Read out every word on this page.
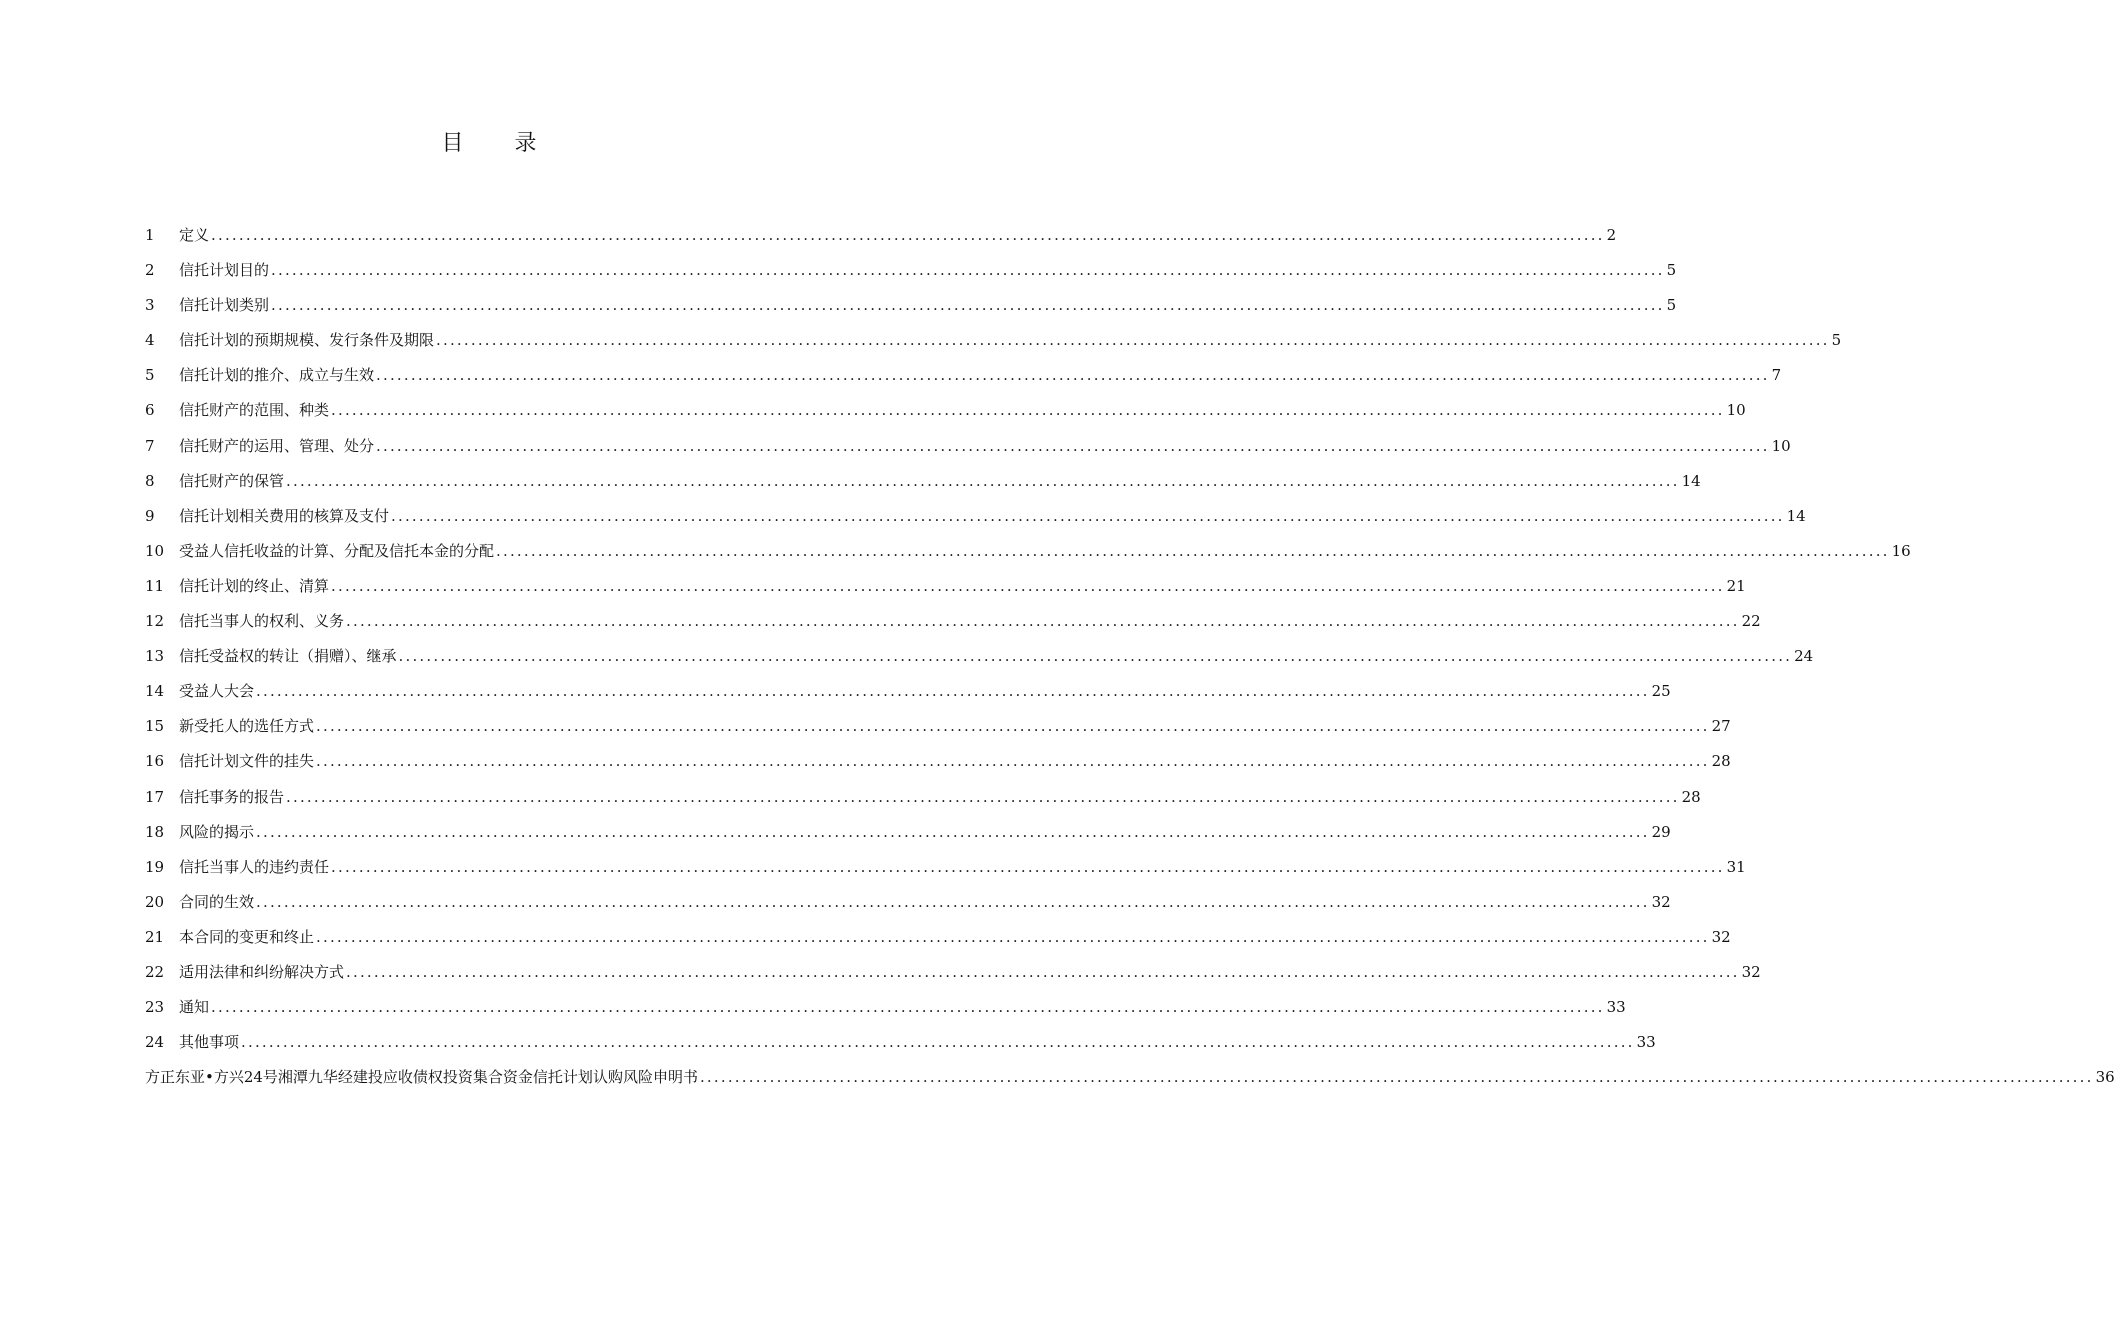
目 录
1	定义 ........................................................................................................................................................................................................ 2
2	信托计划目的 ........................................................................................................................................................................................................ 5
3	信托计划类别 ........................................................................................................................................................................................................ 5
4	信托计划的预期规模、发行条件及期限 ........................................................................................................................................................................................................ 5
5	信托计划的推介、成立与生效 ........................................................................................................................................................................................................ 7
6	信托财产的范围、种类 ........................................................................................................................................................................................................ 10
7	信托财产的运用、管理、处分 ........................................................................................................................................................................................................ 10
8	信托财产的保管 ........................................................................................................................................................................................................ 14
9	信托计划相关费用的核算及支付 ........................................................................................................................................................................................................ 14
10 受益人信托收益的计算、分配及信托本金的分配 ........................................................................................................................................................................................................ 16
11 信托计划的终止、清算 ........................................................................................................................................................................................................ 21
12 信托当事人的权利、义务 ........................................................................................................................................................................................................ 22
13 信托受益权的转让（捐赠）、继承 ........................................................................................................................................................................................................ 24
14 受益人大会 ........................................................................................................................................................................................................ 25
15 新受托人的选任方式 ........................................................................................................................................................................................................ 27
16 信托计划文件的挂失 ........................................................................................................................................................................................................ 28
17 信托事务的报告 ........................................................................................................................................................................................................ 28
18 风险的揭示 ........................................................................................................................................................................................................ 29
19 信托当事人的违约责任 ........................................................................................................................................................................................................ 31
20 合同的生效 ........................................................................................................................................................................................................ 32
21 本合同的变更和终止 ........................................................................................................................................................................................................ 32
22 适用法律和纠纷解决方式 ........................................................................................................................................................................................................ 32
23 通知 ........................................................................................................................................................................................................ 33
24 其他事项 ........................................................................................................................................................................................................ 33
方正东亚•方兴24号湘潭九华经建投应收债权投资集合资金信托计划认购风险申明书 ........................................................................................................................................................................................................ 36
